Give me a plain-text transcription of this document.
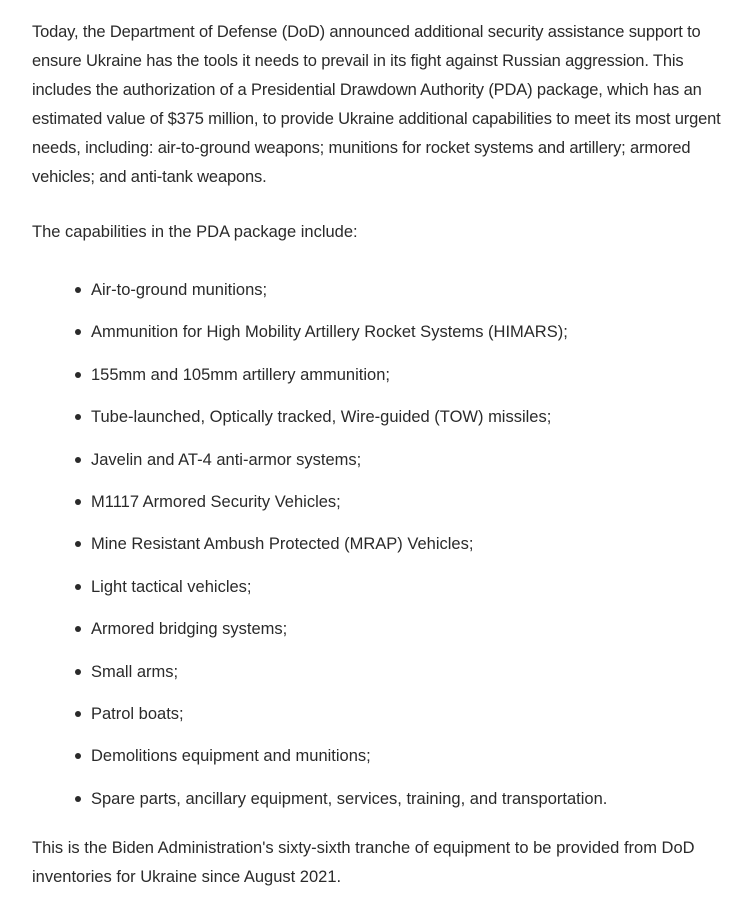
Today, the Department of Defense (DoD) announced additional security assistance support to ensure Ukraine has the tools it needs to prevail in its fight against Russian aggression. This includes the authorization of a Presidential Drawdown Authority (PDA) package, which has an estimated value of $375 million, to provide Ukraine additional capabilities to meet its most urgent needs, including: air-to-ground weapons; munitions for rocket systems and artillery; armored vehicles; and anti-tank weapons.

The capabilities in the PDA package include:

Air-to-ground munitions;
Ammunition for High Mobility Artillery Rocket Systems (HIMARS);
155mm and 105mm artillery ammunition;
Tube-launched, Optically tracked, Wire-guided (TOW) missiles;
Javelin and AT-4 anti-armor systems;
M1117 Armored Security Vehicles;
Mine Resistant Ambush Protected (MRAP) Vehicles;
Light tactical vehicles;
Armored bridging systems;
Small arms;
Patrol boats;
Demolitions equipment and munitions;
Spare parts, ancillary equipment, services, training, and transportation.

This is the Biden Administration's sixty-sixth tranche of equipment to be provided from DoD inventories for Ukraine since August 2021.
